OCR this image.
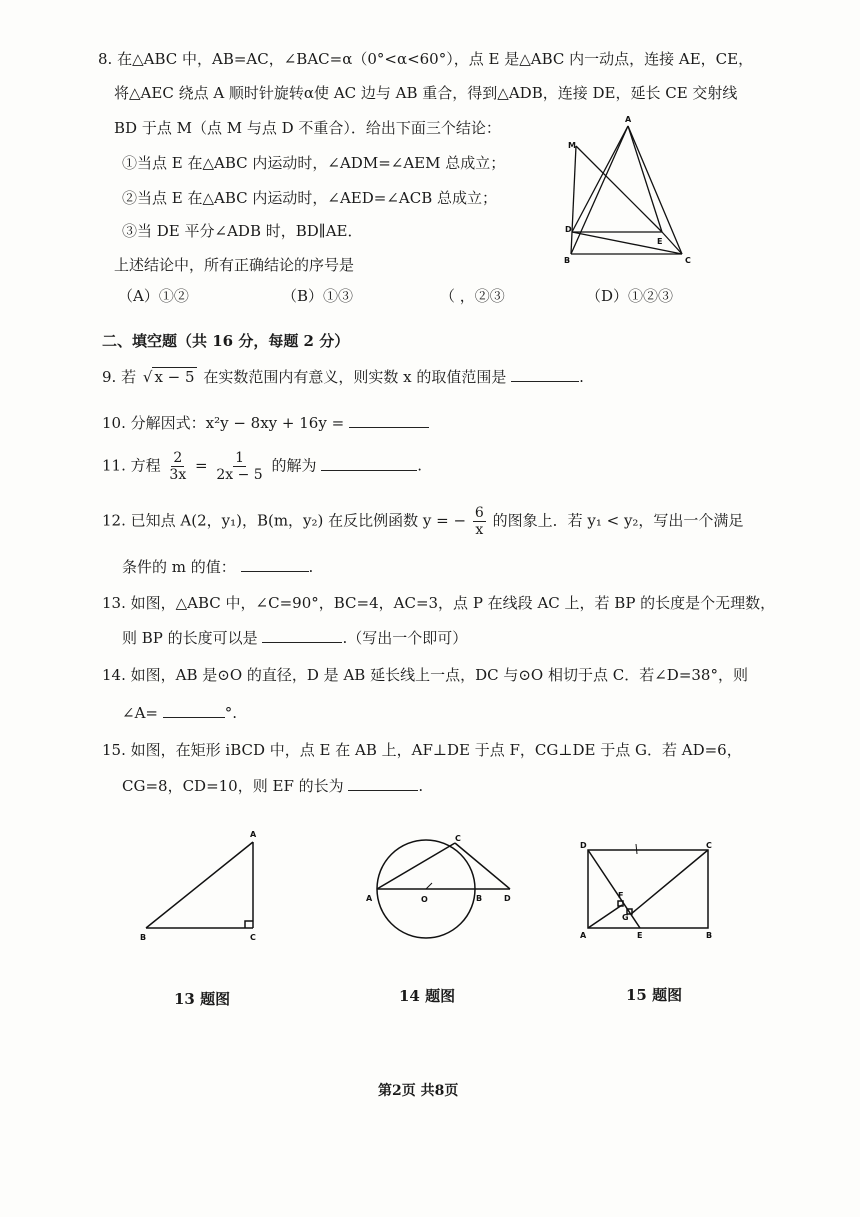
8. 在△ABC 中，AB=AC，∠BAC=α（0°<α<60°），点 E 是△ABC 内一动点，连接 AE，CE，
将△AEC 绕点 A 顺时针旋转α使 AC 边与 AB 重合，得到△ADB，连接 DE，延长 CE 交射线
BD 于点 M（点 M 与点 D 不重合）．给出下面三个结论：
①当点 E 在△ABC 内运动时，∠ADM=∠AEM 总成立；
②当点 E 在△ABC 内运动时，∠AED=∠ACB 总成立；
③当 DE 平分∠ADB 时，BD∥AE．
上述结论中，所有正确结论的序号是
（A）①②	（B）①③	（ ，②③	（D）①②③
A
M
D
E
B	C
二、填空题（共 16 分，每题 2 分）
9. 若 √ x − 5 在实数范围内有意义，则实数 x 的取值范围是	.
10. 分解因式：x²y − 8xy + 16y =
11. 方程 $\frac{2}{3x} = \frac{1}{2x - 5}$ 的解为	.
12. 已知点 A(2，y₁)，B(m，y₂) 在反比例函数 y = − $\frac{6}{x}$ 的图象上．若 y₁ < y₂，写出一个满足
条件的 m 的值：	.
13. 如图，△ABC 中，∠C=90°，BC=4，AC=3，点 P 在线段 AC 上，若 BP 的长度是个无理数，
则 BP 的长度可以是	.（写出一个即可）
14. 如图，AB 是⊙O 的直径，D 是 AB 延长线上一点，DC 与⊙O 相切于点 C．若∠D=38°，则
∠A=	°.
15. 如图，在矩形 iBCD 中，点 E 在 AB 上，AF⊥DE 于点 F，CG⊥DE 于点 G．若 AD=6，
CG=8，CD=10，则 EF 的长为	.
A
B	C
13 题图
A	O	B
C
D
14 题图
D	C
A	B
E
F
G
15 题图
第2页 共8页
